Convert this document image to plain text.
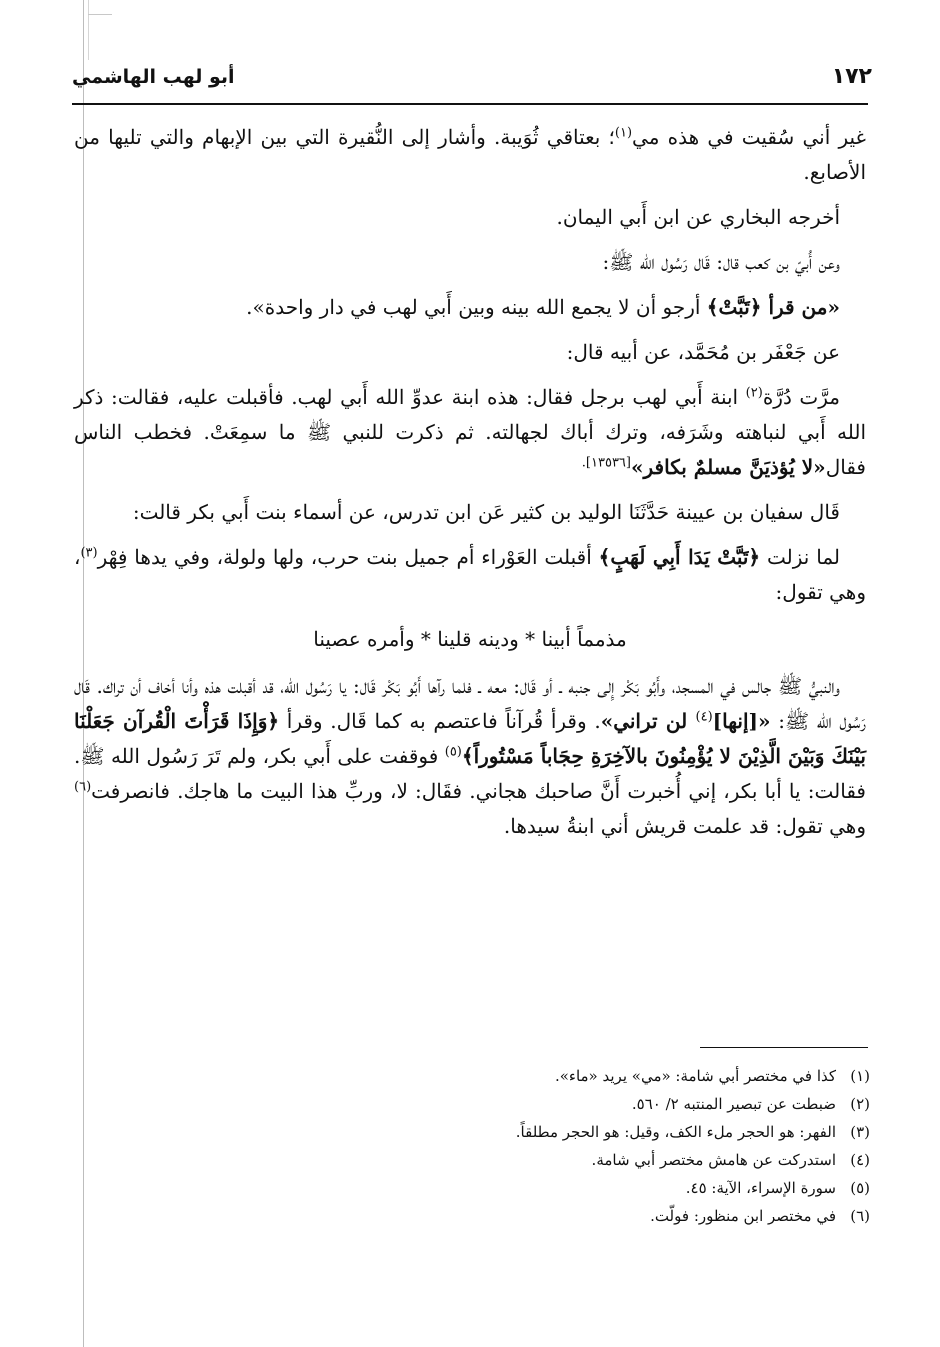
١٧٢
أبو لهب الهاشمي

غير أني سُقيت في هذه مي$^{(١)}$؛ بعتاقي ثُوَيبة. وأشار إلى النُّقيرة التي بين الإبهام والتي تليها من الأصابع.

أخرجه البخاري عن ابن أَبي اليمان.

وعن أُبيّ بن كعب قال: قَال رَسُول الله ﷺ:

«من قرأ ﴿تَبَّتْ﴾ أرجو أن لا يجمع الله بينه وبين أَبي لهب في دار واحدة».

عن جَعْفَر بن مُحَمَّد، عن أبيه قال:

مرَّت دُرَّة$^{(٢)}$ ابنة أَبي لهب برجل فقال: هذه ابنة عدوِّ الله أَبي لهب. فأقبلت عليه، فقالت: ذكر الله أَبي لنباهته وشَرَفه، وترك أباك لجهالته. ثم ذكرت للنبي ﷺ ما سمِعَتْ. فخطب الناس فقال«لا يُؤذيَنَّ مسلمٌ بكافر»$^{[١٣٥٣٦].}$

قَال سفيان بن عيينة حَدَّثَنَا الوليد بن كثير عَن ابن تدرس، عن أسماء بنت أَبي بكر قالت:

لما نزلت ﴿تَبَّتْ يَدَا أَبِي لَهَبٍ﴾ أقبلت العَوْراء أم جميل بنت حرب، ولها ولولة، وفي يدها فِهْر$^{(٣)}$، وهي تقول:

مذمماً أبينا * ودينه قلينا * وأمره عصينا

والنبيُّ ﷺ جالس في المسجد، وأَبُو بَكْر إِلى جنبه ـ أو قَال: معه ـ فلما رآها أَبُو بَكْر قَال: يا رَسُول الله، قد أقبلت هذه وأنا أخاف أن تراك. قَال رَسُول الله ﷺ: «[إنها]$^{(٤)}$ لن تراني». وقرأ قُرآناً فاعتصم به كما قَال. وقرأ ﴿وَإِذَا قَرَأْتَ الْقُرآن جَعَلْنَا بَيْنَكَ وَبَيْنَ الَّذِيْنَ لا يُؤْمِنُونَ بالآخِرَةِ حِجَاباً مَسْتُوراً﴾$^{(٥)}$ فوقفت على أَبي بكر، ولم تَرَ رَسُول الله ﷺ. فقالت: يا أبا بكر، إني أُخبرت أَنَّ صاحبك هجاني. فقَال: لا، وربِّ هذا البيت ما هاجك. فانصرفت$^{(٦)}$ وهي تقول: قد علمت قريش أني ابنةُ سيدها.

(١)كذا في مختصر أبي شامة: «مي» يريد «ماء».
(٢)ضبطت عن تبصير المنتبه ٢/ ٥٦٠.
(٣)الفهر: هو الحجر ملء الكف، وقيل: هو الحجر مطلقاً.
(٤)استدركت عن هامش مختصر أبي شامة.
(٥)سورة الإسراء، الآية: ٤٥.
(٦)في مختصر ابن منظور: فولّت.
